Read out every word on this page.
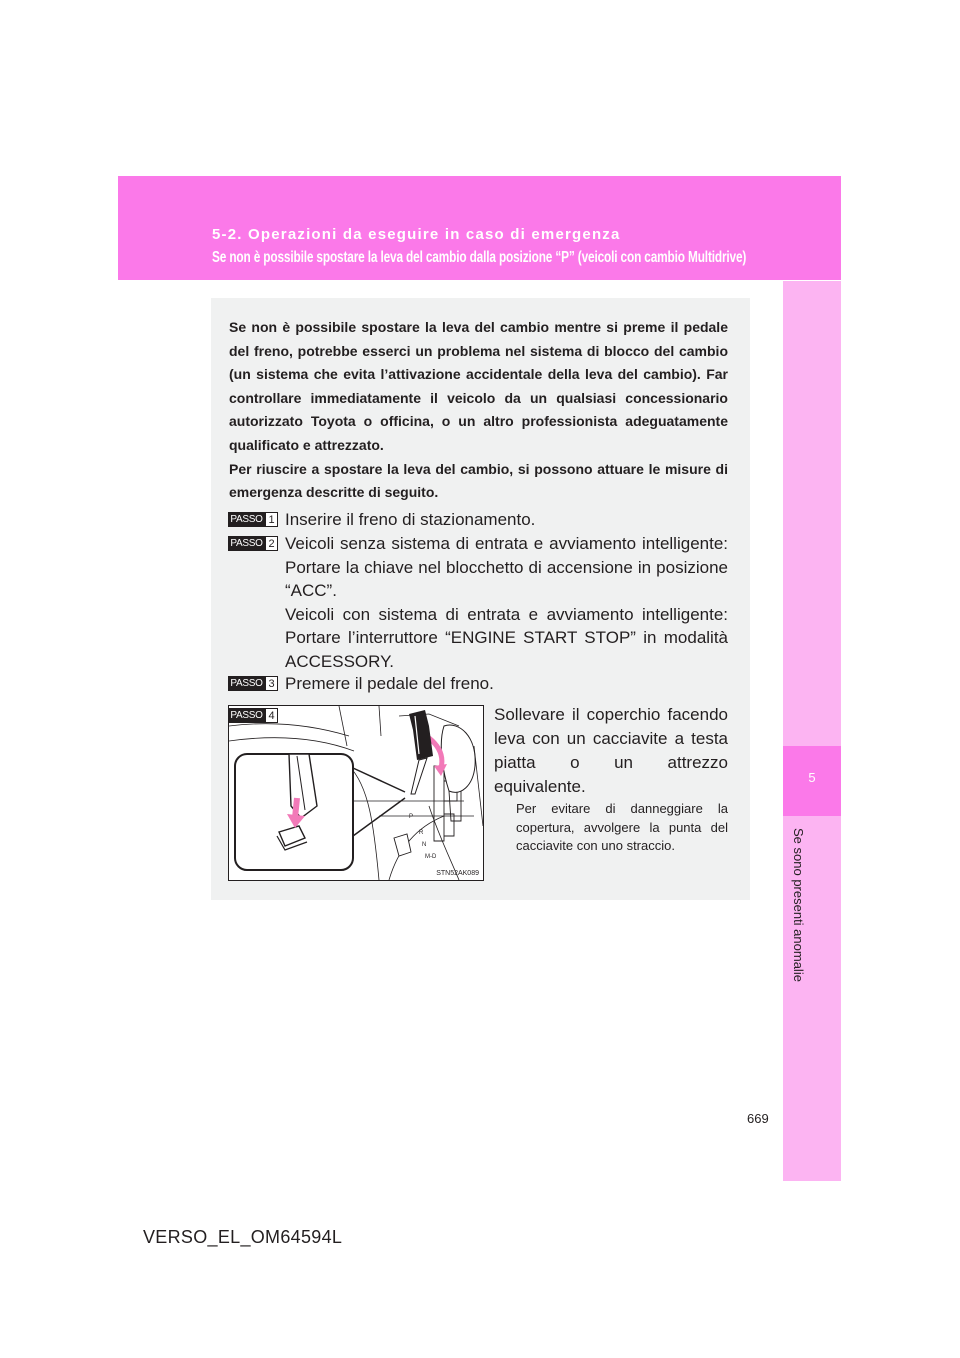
5-2. Operazioni da eseguire in caso di emergenza
Se non è possibile spostare la leva del cambio dalla posizione “P” (veicoli con cambio Multidrive)
5
Se sono presenti anomalie

Se non è possibile spostare la leva del cambio mentre si preme il pedale del freno, potrebbe esserci un problema nel sistema di blocco del cambio (un sistema che evita l’attivazione accidentale della leva del cambio). Far controllare immediatamente il veicolo da un qualsiasi concessionario autorizzato Toyota o officina, o un altro professionista adeguatamente qualificato e attrezzato.

Per riuscire a spostare la leva del cambio, si possono attuare le misure di emergenza descritte di seguito.

PASSO 1 Inserire il freno di stazionamento.

PASSO 2 Veicoli senza sistema di entrata e avviamento intelligente: Portare la chiave nel blocchetto di accensione in posizione “ACC”.

Veicoli con sistema di entrata e avviamento intelligente: Portare l’interruttore “ENGINE START STOP” in modalità ACCESSORY.

PASSO 3 Premere il pedale del freno.

PASSO 4
P
R
N
M-D
STN52AK089

Sollevare il coperchio facendo leva con un cacciavite a testa piatta o un attrezzo equivalente.

Per evitare di danneggiare la copertura, avvolgere la punta del cacciavite con uno straccio.

669
VERSO_EL_OM64594L
